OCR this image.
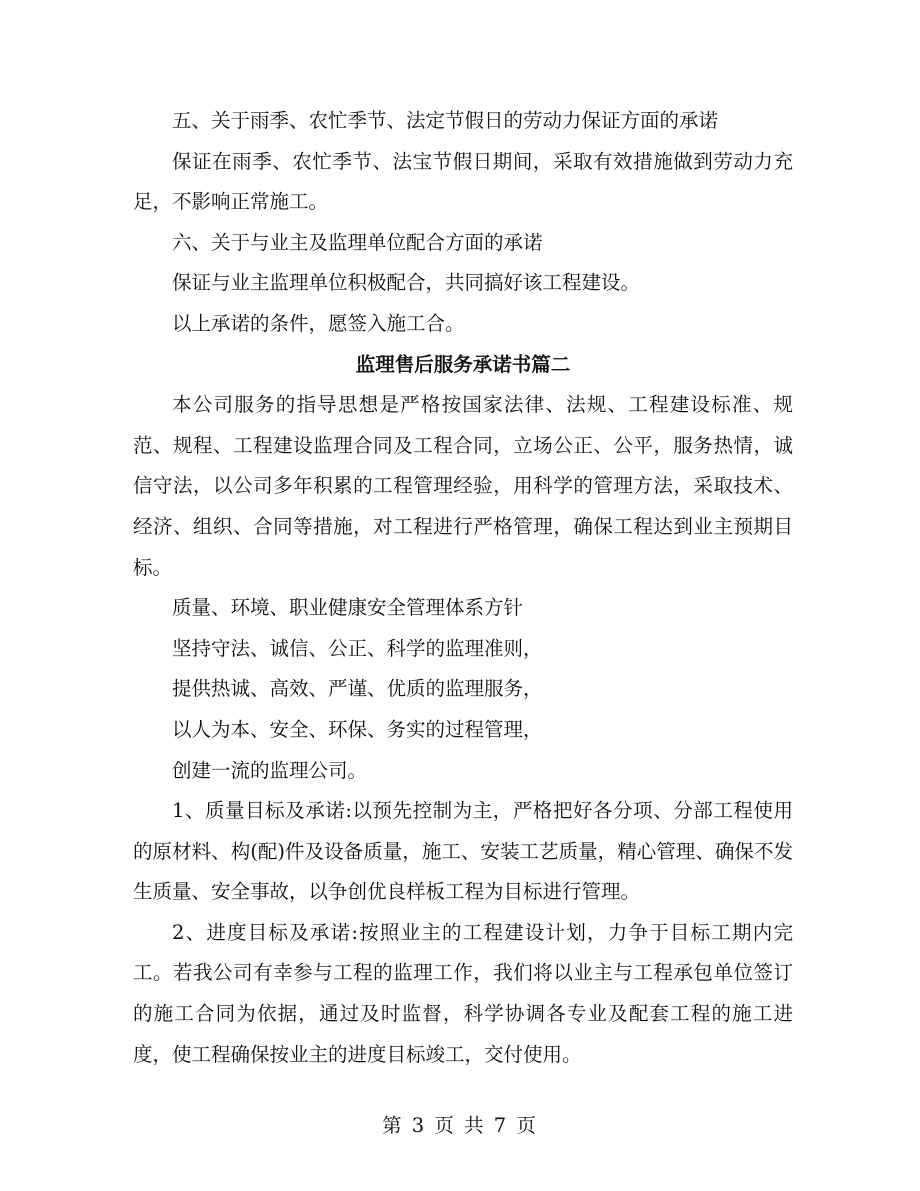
五、关于雨季、农忙季节、法定节假日的劳动力保证方面的承诺

保证在雨季、农忙季节、法宝节假日期间，采取有效措施做到劳动力充足，不影响正常施工。

六、关于与业主及监理单位配合方面的承诺

保证与业主监理单位积极配合，共同搞好该工程建设。

以上承诺的条件，愿签入施工合。

监理售后服务承诺书篇二

本公司服务的指导思想是严格按国家法律、法规、工程建设标准、规范、规程、工程建设监理合同及工程合同，立场公正、公平，服务热情，诚信守法，以公司多年积累的工程管理经验，用科学的管理方法，采取技术、经济、组织、合同等措施，对工程进行严格管理，确保工程达到业主预期目标。

质量、环境、职业健康安全管理体系方针

坚持守法、诚信、公正、科学的监理准则，

提供热诚、高效、严谨、优质的监理服务，

以人为本、安全、环保、务实的过程管理，

创建一流的监理公司。

1、质量目标及承诺:以预先控制为主，严格把好各分项、分部工程使用的原材料、构(配)件及设备质量，施工、安装工艺质量，精心管理、确保不发生质量、安全事故，以争创优良样板工程为目标进行管理。

2、进度目标及承诺:按照业主的工程建设计划，力争于目标工期内完工。若我公司有幸参与工程的监理工作，我们将以业主与工程承包单位签订的施工合同为依据，通过及时监督，科学协调各专业及配套工程的施工进度，使工程确保按业主的进度目标竣工，交付使用。

第 3 页 共 7 页
